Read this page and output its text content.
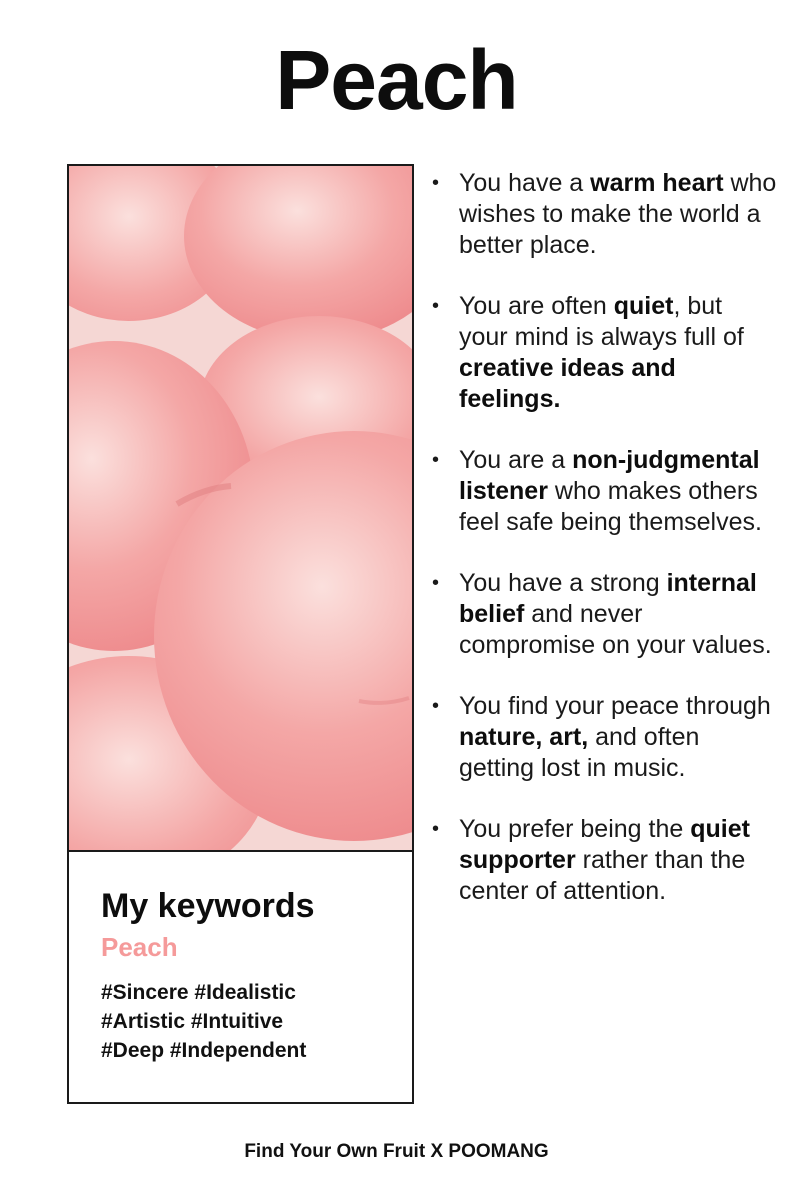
Peach
My keywords
Peach
#Sincere #Idealistic
#Artistic #Intuitive
#Deep #Independent
• You have a warm heart who wishes to make the world a better place.
• You are often quiet, but your mind is always full of creative ideas and feelings.
• You are a non-judgmental listener who makes others feel safe being themselves.
• You have a strong internal belief and never compromise on your values.
• You find your peace through nature, art, and often getting lost in music.
• You prefer being the quiet supporter rather than the center of attention.
Find Your Own Fruit X POOMANG
